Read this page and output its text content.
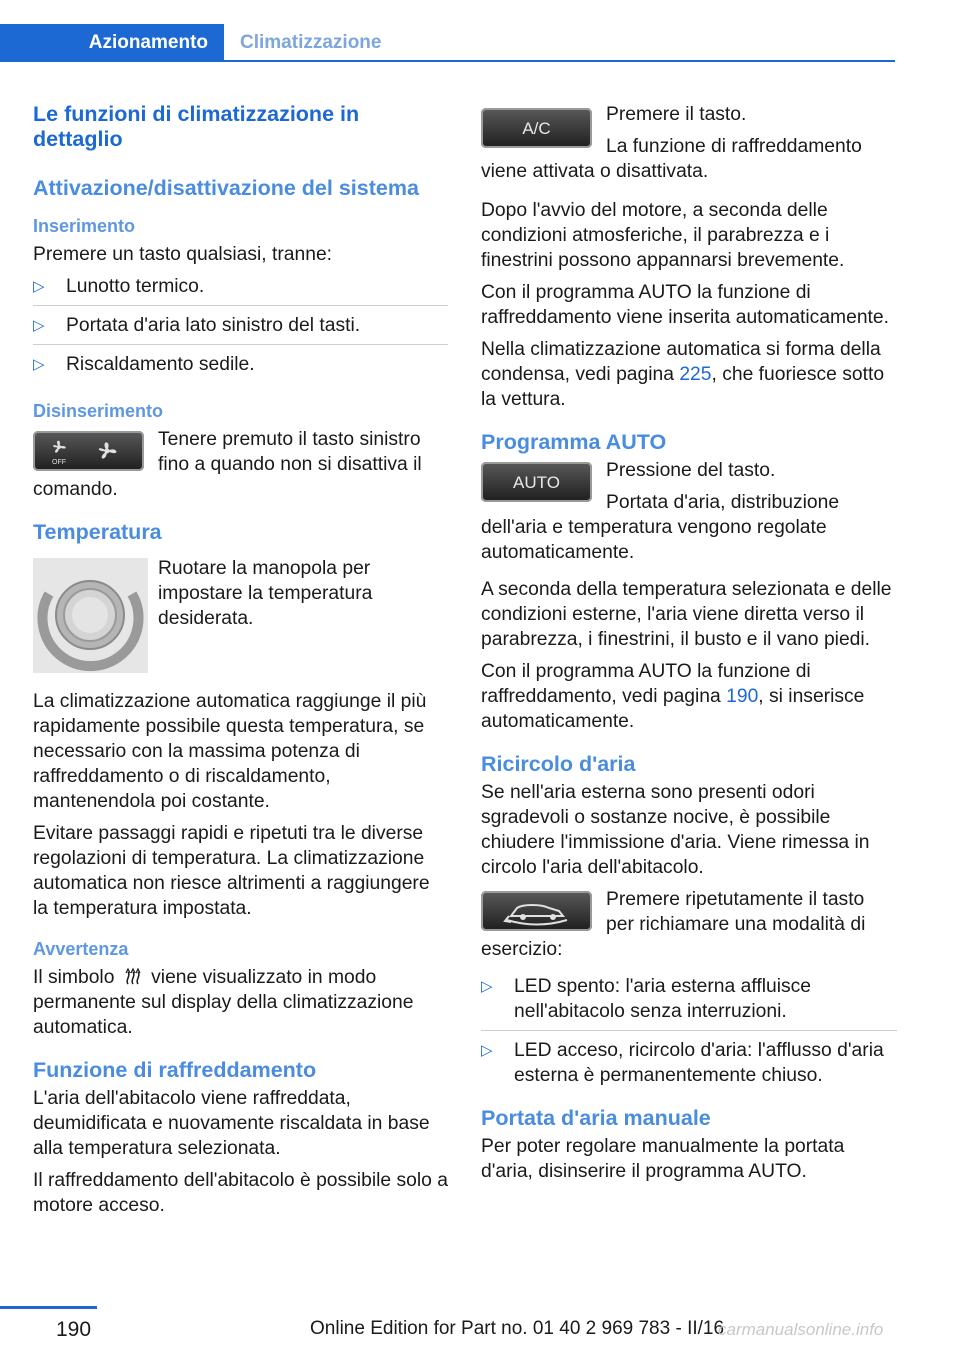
Azionamento	Climatizzazione
Le funzioni di climatizzazione in dettaglio
Attivazione/disattivazione del sistema
Inserimento

Premere un tasto qualsiasi, tranne:

▷ Lunotto termico.
▷ Portata d'aria lato sinistro del tasti.
▷ Riscaldamento sedile.
Disinserimento
OFF
Tenere premuto il tasto sinistro fino a quando non si disattiva il comando.
Temperatura
Ruotare la manopola per impostare la temperatura desiderata.

La climatizzazione automatica raggiunge il più rapidamente possibile questa temperatura, se necessario con la massima potenza di raffreddamento o di riscaldamento, mantenendola poi costante.

Evitare passaggi rapidi e ripetuti tra le diverse regolazioni di temperatura. La climatizzazione automatica non riesce altrimenti a raggiungere la temperatura impostata.

Avvertenza

Il simbolo viene visualizzato in modo permanente sul display della climatizzazione automatica.

Funzione di raffreddamento

L'aria dell'abitacolo viene raffreddata, deumidificata e nuovamente riscaldata in base alla temperatura selezionata.

Il raffreddamento dell'abitacolo è possibile solo a motore acceso.

A/C

Premere il tasto.

La funzione di raffreddamento viene attivata o disattivata.

Dopo l'avvio del motore, a seconda delle condizioni atmosferiche, il parabrezza e i finestrini possono appannarsi brevemente.

Con il programma AUTO la funzione di raffreddamento viene inserita automaticamente.

Nella climatizzazione automatica si forma della condensa, vedi pagina 225, che fuoriesce sotto la vettura.

Programma AUTO
AUTO

Pressione del tasto.

Portata d'aria, distribuzione dell'aria e temperatura vengono regolate automaticamente.

A seconda della temperatura selezionata e delle condizioni esterne, l'aria viene diretta verso il parabrezza, i finestrini, il busto e il vano piedi.

Con il programma AUTO la funzione di raffreddamento, vedi pagina 190, si inserisce automaticamente.

Ricircolo d'aria

Se nell'aria esterna sono presenti odori sgradevoli o sostanze nocive, è possibile chiudere l'immissione d'aria. Viene rimessa in circolo l'aria dell'abitacolo.

Premere ripetutamente il tasto per richiamare una modalità di esercizio:
▷ LED spento: l'aria esterna affluisce nell'abitacolo senza interruzioni.
▷ LED acceso, ricircolo d'aria: l'afflusso d'aria esterna è permanentemente chiuso.
Portata d'aria manuale

Per poter regolare manualmente la portata d'aria, disinserire il programma AUTO.

190	Online Edition for Part no. 01 40 2 969 783 - II/16
carmanualsonline.info
